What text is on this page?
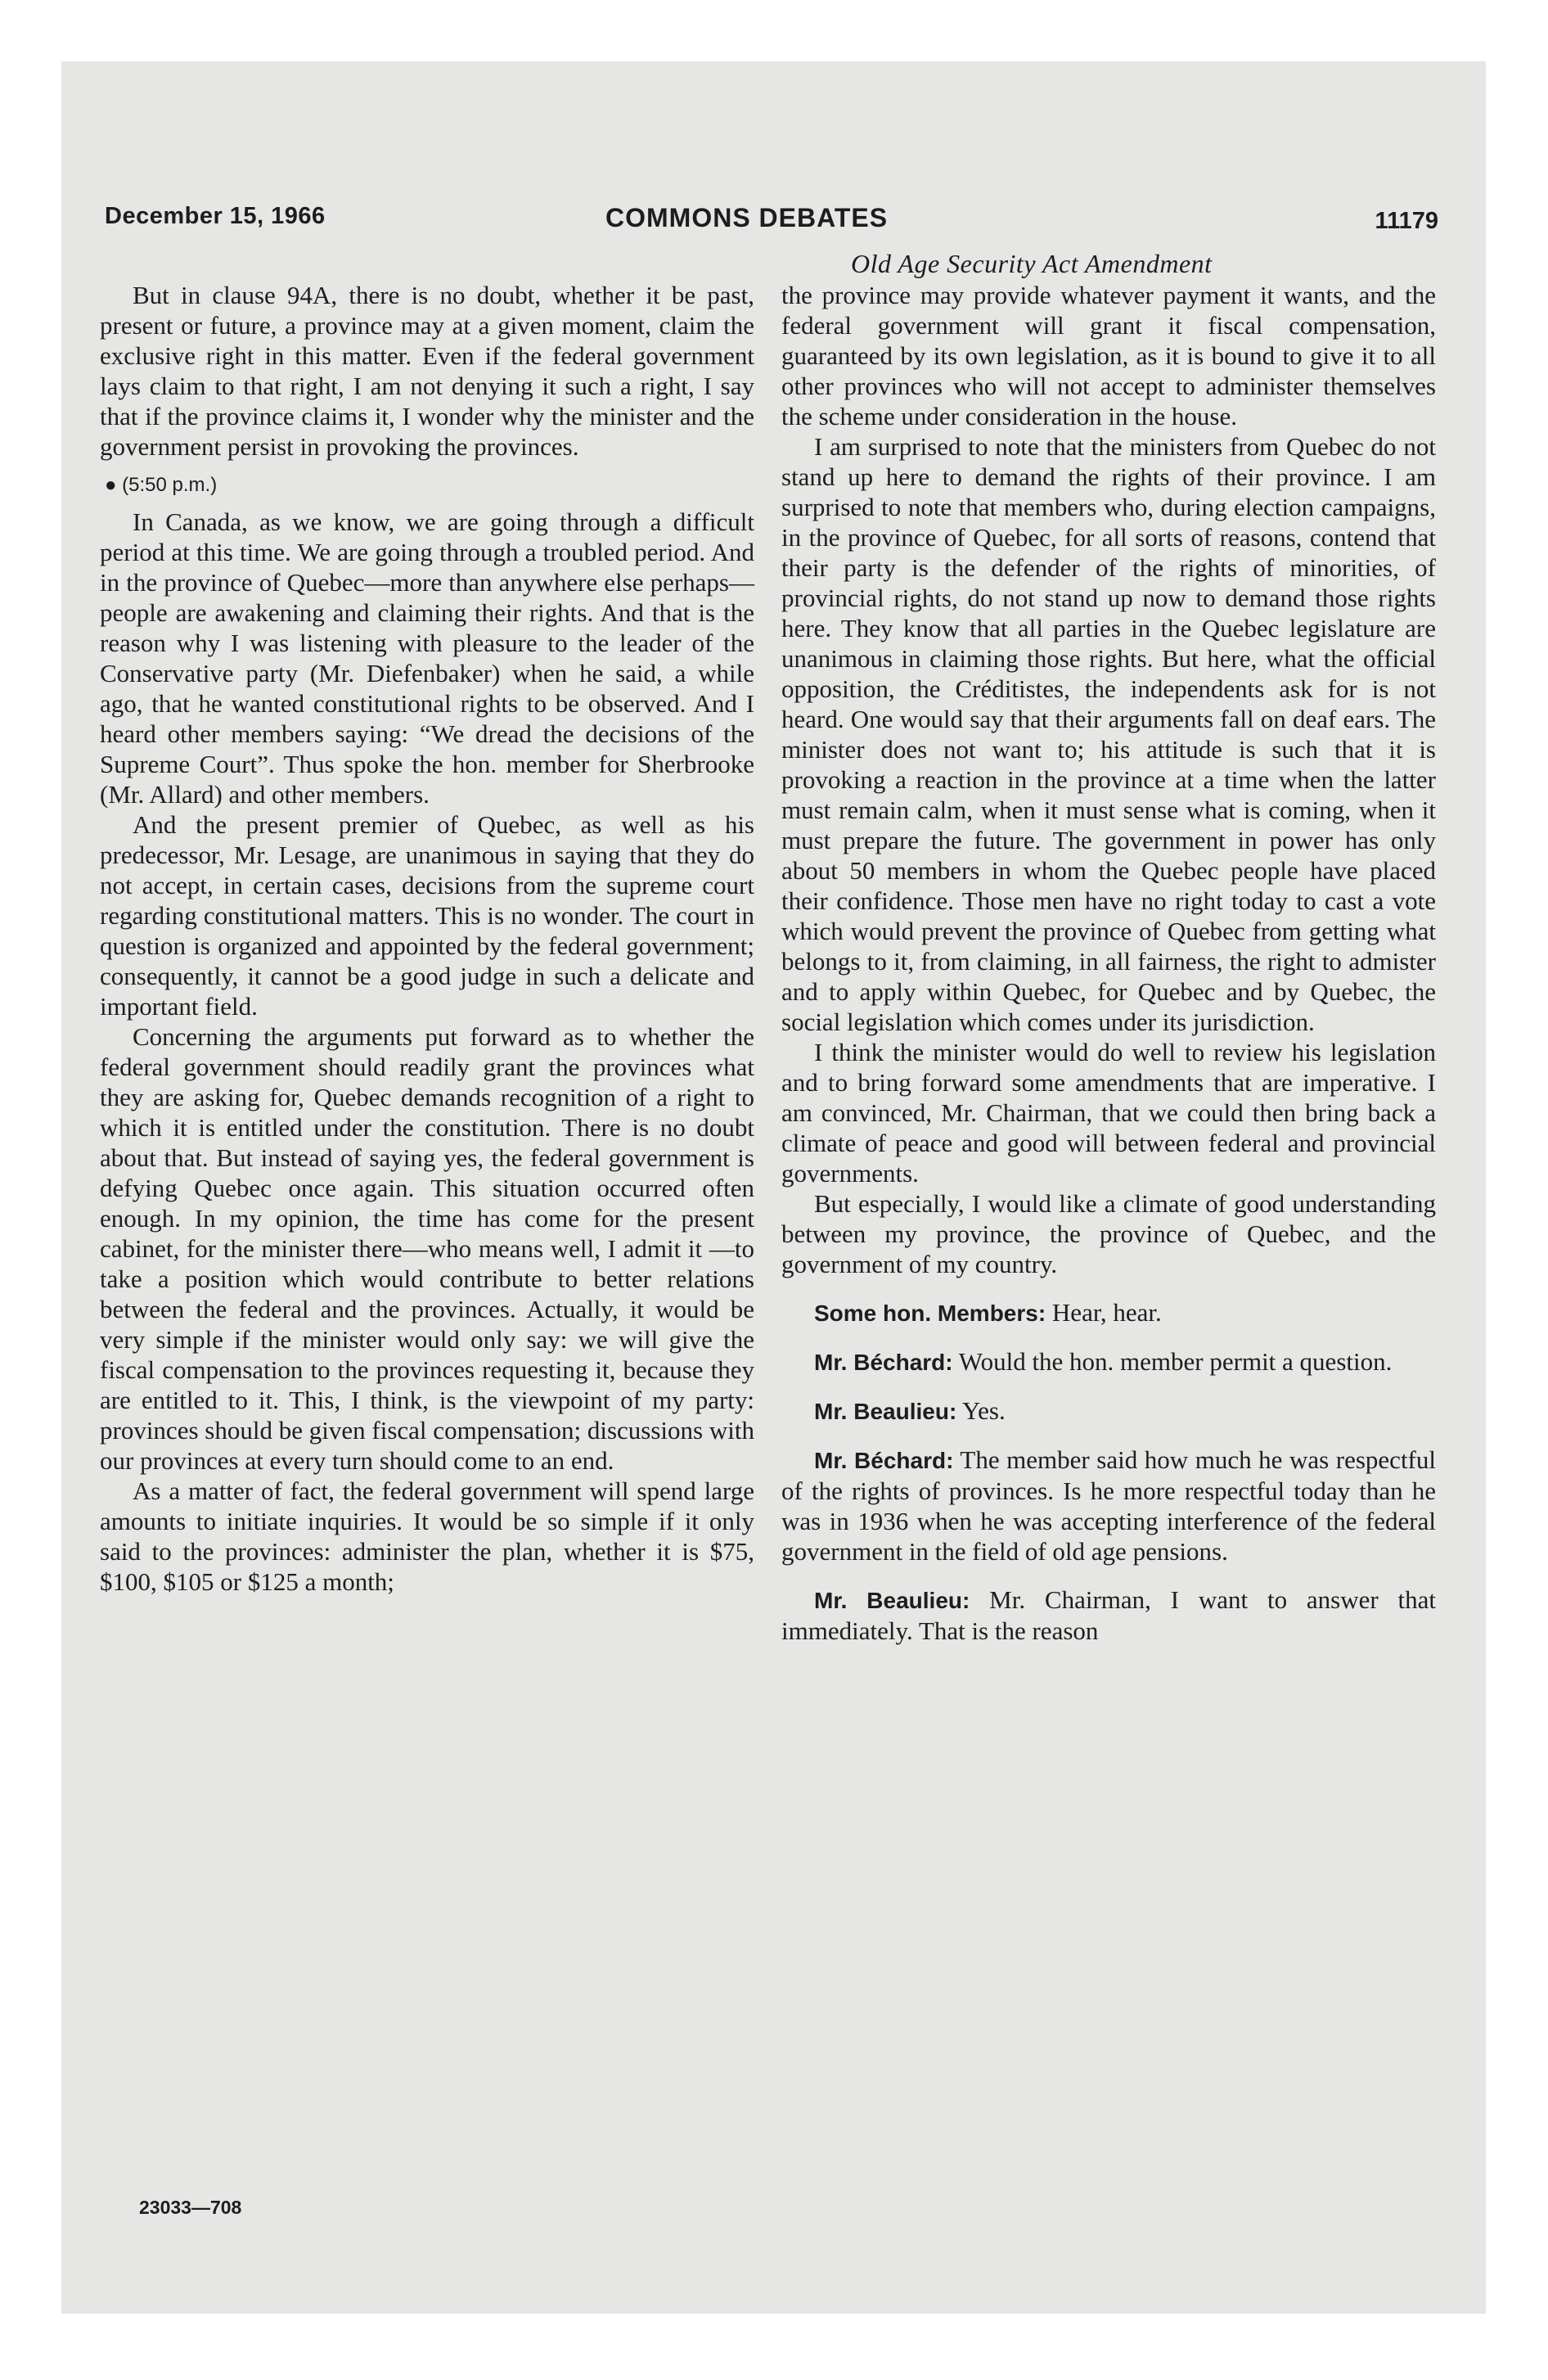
December 15, 1966	COMMONS DEBATES	11179
Old Age Security Act Amendment

But in clause 94A, there is no doubt, whether it be past, present or future, a province may at a given moment, claim the exclusive right in this matter. Even if the federal government lays claim to that right, I am not denying it such a right, I say that if the province claims it, I wonder why the minister and the government persist in provoking the provinces.

● (5:50 p.m.)

In Canada, as we know, we are going through a difficult period at this time. We are going through a troubled period. And in the province of Quebec—more than anywhere else perhaps—people are awakening and claiming their rights. And that is the reason why I was listening with pleasure to the leader of the Conservative party (Mr. Diefenbaker) when he said, a while ago, that he wanted constitutional rights to be observed. And I heard other members saying: “We dread the decisions of the Supreme Court”. Thus spoke the hon. member for Sherbrooke (Mr. Allard) and other members.

And the present premier of Quebec, as well as his predecessor, Mr. Lesage, are unanimous in saying that they do not accept, in certain cases, decisions from the supreme court regarding constitutional matters. This is no wonder. The court in question is organized and appointed by the federal government; consequently, it cannot be a good judge in such a delicate and important field.

Concerning the arguments put forward as to whether the federal government should readily grant the provinces what they are asking for, Quebec demands recognition of a right to which it is entitled under the constitution. There is no doubt about that. But instead of saying yes, the federal government is defying Quebec once again. This situation occurred often enough. In my opinion, the time has come for the present cabinet, for the minister there—who means well, I admit it —to take a position which would contribute to better relations between the federal and the provinces. Actually, it would be very simple if the minister would only say: we will give the fiscal compensation to the provinces requesting it, because they are entitled to it. This, I think, is the viewpoint of my party: provinces should be given fiscal compensation; discussions with our provinces at every turn should come to an end.

As a matter of fact, the federal government will spend large amounts to initiate inquiries. It would be so simple if it only said to the provinces: administer the plan, whether it is $75, $100, $105 or $125 a month;

the province may provide whatever payment it wants, and the federal government will grant it fiscal compensation, guaranteed by its own legislation, as it is bound to give it to all other provinces who will not accept to administer themselves the scheme under consideration in the house.

I am surprised to note that the ministers from Quebec do not stand up here to demand the rights of their province. I am surprised to note that members who, during election campaigns, in the province of Quebec, for all sorts of reasons, contend that their party is the defender of the rights of minorities, of provincial rights, do not stand up now to demand those rights here. They know that all parties in the Quebec legislature are unanimous in claiming those rights. But here, what the official opposition, the Créditistes, the independents ask for is not heard. One would say that their arguments fall on deaf ears. The minister does not want to; his attitude is such that it is provoking a reaction in the province at a time when the latter must remain calm, when it must sense what is coming, when it must prepare the future. The government in power has only about 50 members in whom the Quebec people have placed their confidence. Those men have no right today to cast a vote which would prevent the province of Quebec from getting what belongs to it, from claiming, in all fairness, the right to admister and to apply within Quebec, for Quebec and by Quebec, the social legislation which comes under its jurisdiction.

I think the minister would do well to review his legislation and to bring forward some amendments that are imperative. I am convinced, Mr. Chairman, that we could then bring back a climate of peace and good will between federal and provincial governments.

But especially, I would like a climate of good understanding between my province, the province of Quebec, and the government of my country.

Some hon. Members: Hear, hear.

Mr. Béchard: Would the hon. member permit a question.

Mr. Beaulieu: Yes.

Mr. Béchard: The member said how much he was respectful of the rights of provinces. Is he more respectful today than he was in 1936 when he was accepting interference of the federal government in the field of old age pensions.

Mr. Beaulieu: Mr. Chairman, I want to answer that immediately. That is the reason

23033—708
